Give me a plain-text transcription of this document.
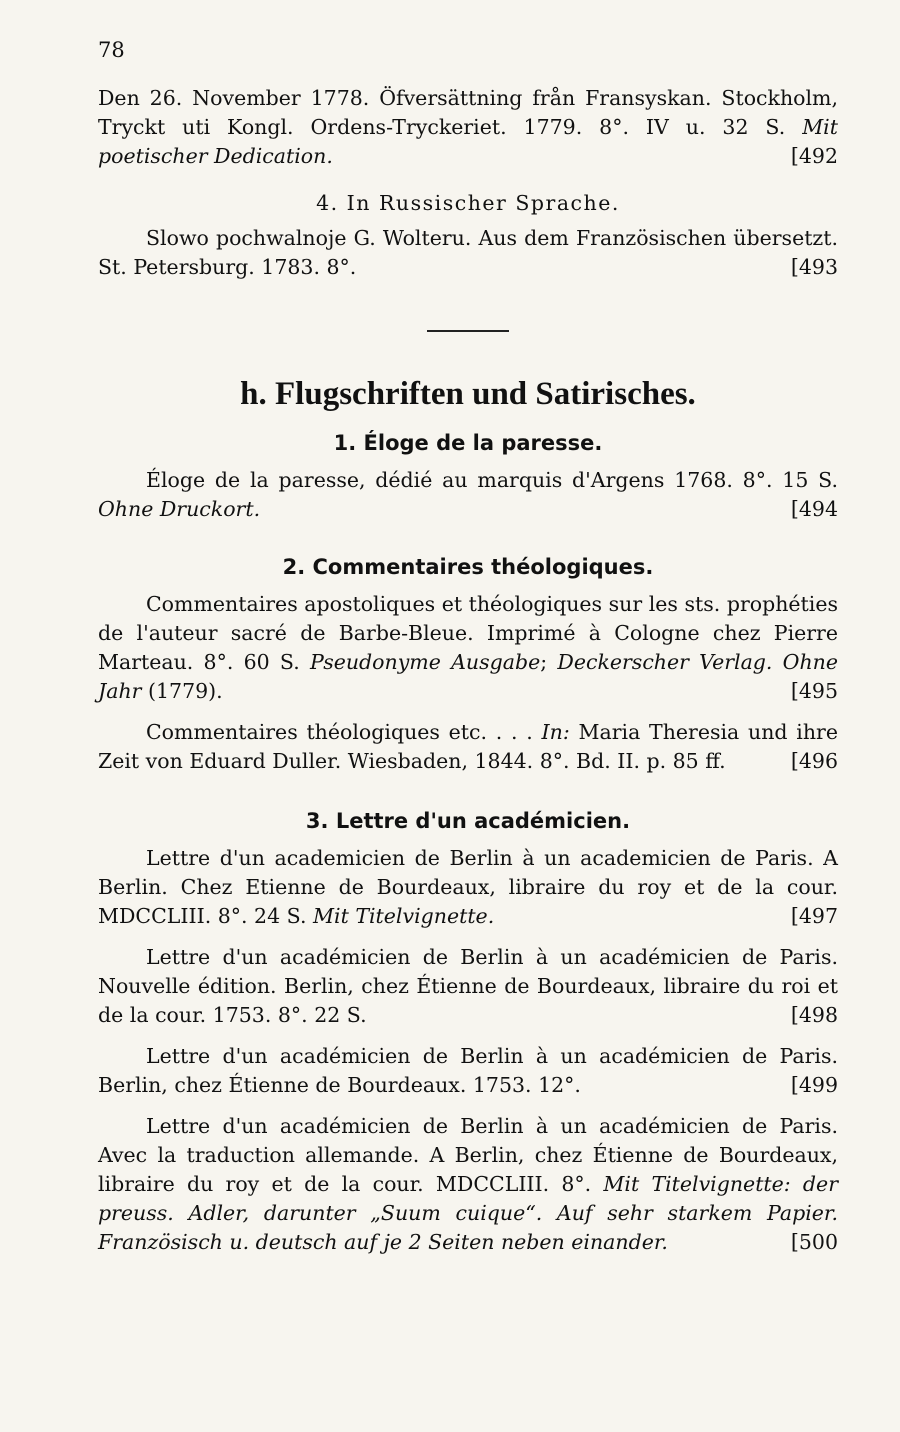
78

Den 26. November 1778. Öfversättning från Fransyskan. Stockholm, Tryckt uti Kongl. Ordens-Tryckeriet. 1779. 8°. IV u. 32 S. Mit poetischer Dedication.	[492

4. In Russischer Sprache.

Slowo pochwalnoje G. Wolteru. Aus dem Französischen übersetzt. St. Petersburg. 1783. 8°.	[493

h. Flugschriften und Satirisches.
1. Éloge de la paresse.

Éloge de la paresse, dédié au marquis d'Argens 1768. 8°. 15 S. Ohne Druckort.	[494

2. Commentaires théologiques.

Commentaires apostoliques et théologiques sur les sts. prophéties de l'auteur sacré de Barbe-Bleue. Imprimé à Cologne chez Pierre Marteau. 8°. 60 S. Pseudonyme Ausgabe; Deckerscher Verlag. Ohne Jahr (1779).	[495

Commentaires théologiques etc. . . . In: Maria Theresia und ihre Zeit von Eduard Duller. Wiesbaden, 1844. 8°. Bd. II. p. 85 ff.	[496

3. Lettre d'un académicien.

Lettre d'un academicien de Berlin à un academicien de Paris. A Berlin. Chez Etienne de Bourdeaux, libraire du roy et de la cour. MDCCLIII. 8°. 24 S. Mit Titelvignette.	[497

Lettre d'un académicien de Berlin à un académicien de Paris. Nouvelle édition. Berlin, chez Étienne de Bourdeaux, libraire du roi et de la cour. 1753. 8°. 22 S.	[498

Lettre d'un académicien de Berlin à un académicien de Paris. Berlin, chez Étienne de Bourdeaux. 1753. 12°.	[499

Lettre d'un académicien de Berlin à un académicien de Paris. Avec la traduction allemande. A Berlin, chez Étienne de Bourdeaux, libraire du roy et de la cour. MDCCLIII. 8°. Mit Titelvignette: der preuss. Adler, darunter „Suum cuique“. Auf sehr starkem Papier. Französisch u. deutsch auf je 2 Seiten neben einander.	[500
